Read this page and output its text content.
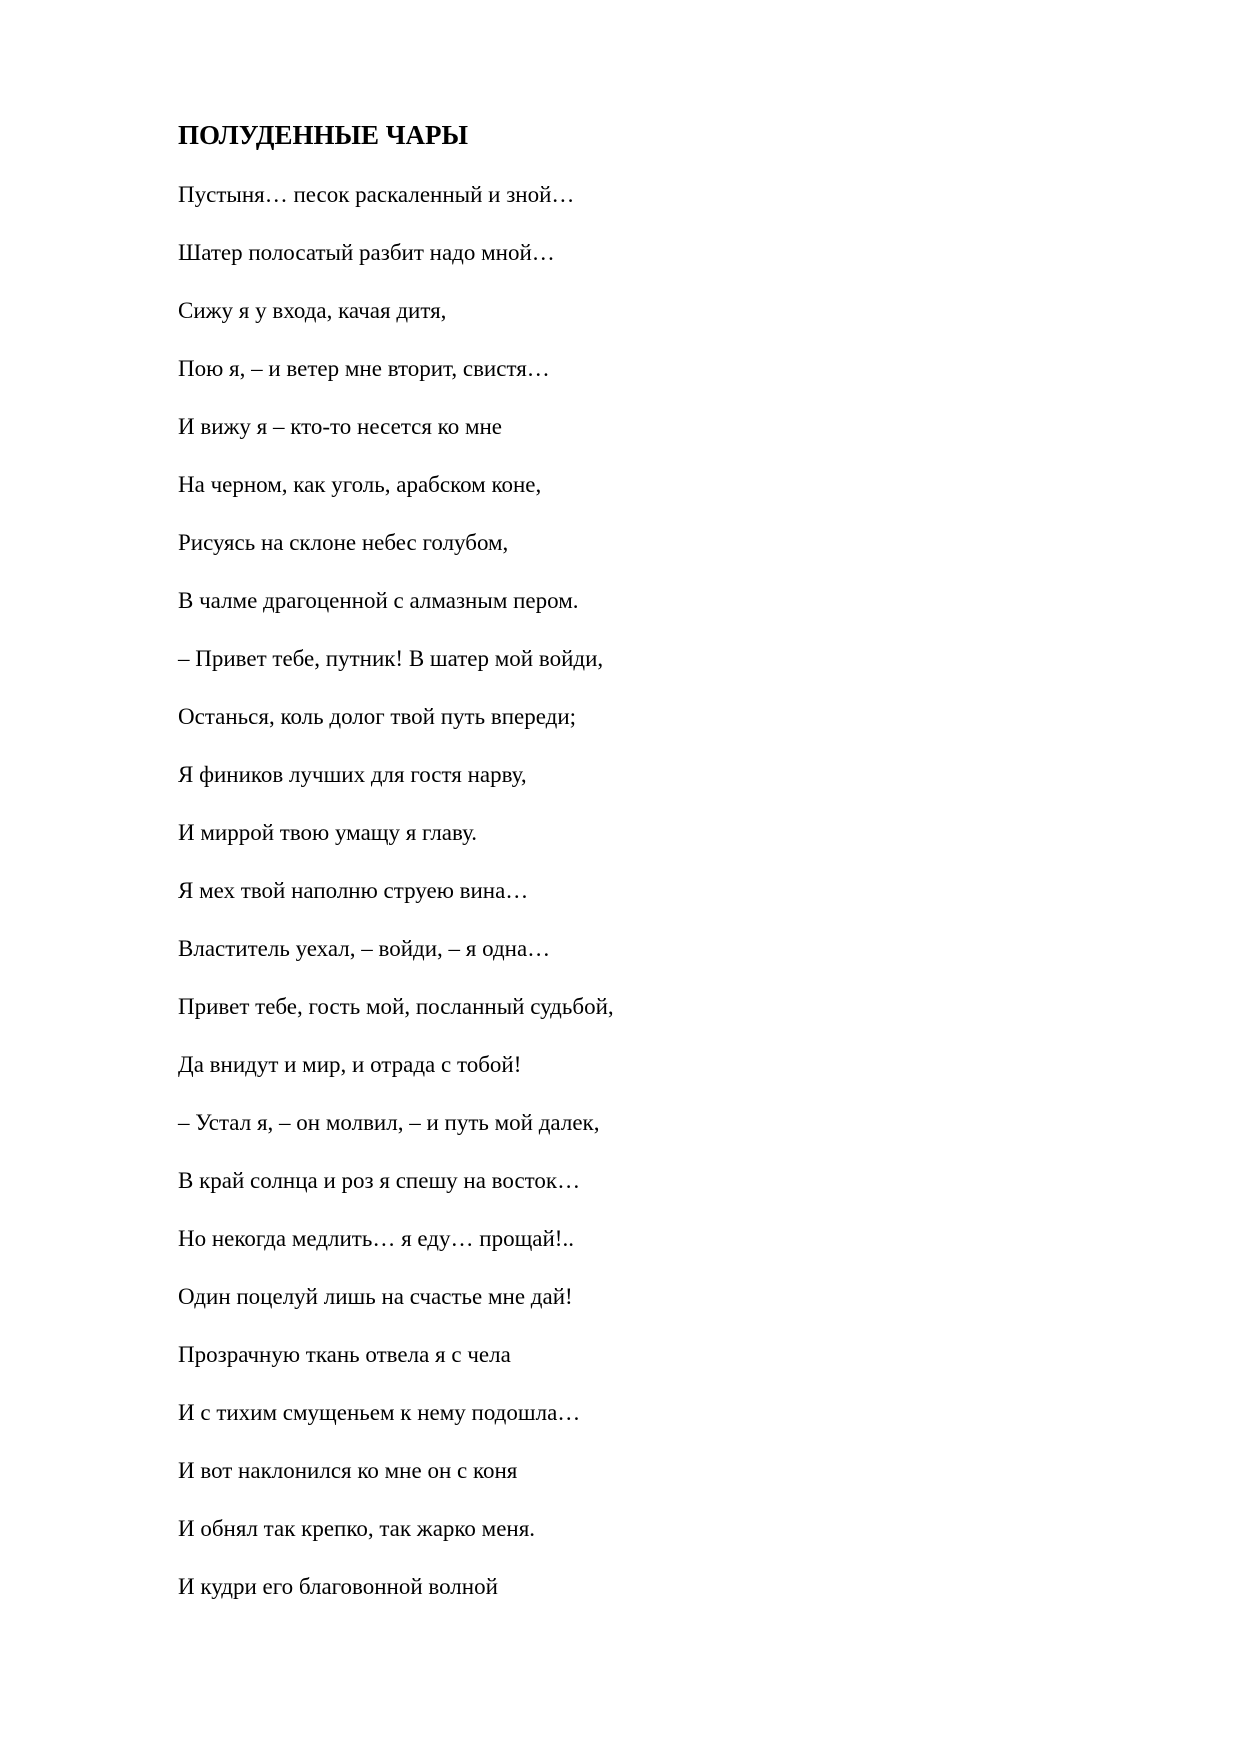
ПОЛУДЕННЫЕ ЧАРЫ
Пустыня… песок раскаленный и зной…
Шатер полосатый разбит надо мной…
Сижу я у входа, качая дитя,
Пою я, – и ветер мне вторит, свистя…
И вижу я – кто-то несется ко мне
На черном, как уголь, арабском коне,
Рисуясь на склоне небес голубом,
В чалме драгоценной с алмазным пером.
– Привет тебе, путник! В шатер мой войди,
Останься, коль долог твой путь впереди;
Я фиников лучших для гостя нарву,
И миррой твою умащу я главу.
Я мех твой наполню струею вина…
Властитель уехал, – войди, – я одна…
Привет тебе, гость мой, посланный судьбой,
Да внидут и мир, и отрада с тобой!
– Устал я, – он молвил, – и путь мой далек,
В край солнца и роз я спешу на восток…
Но некогда медлить… я еду… прощай!..
Один поцелуй лишь на счастье мне дай!
Прозрачную ткань отвела я с чела
И с тихим смущеньем к нему подошла…
И вот наклонился ко мне он с коня
И обнял так крепко, так жарко меня.
И кудри его благовонной волной
